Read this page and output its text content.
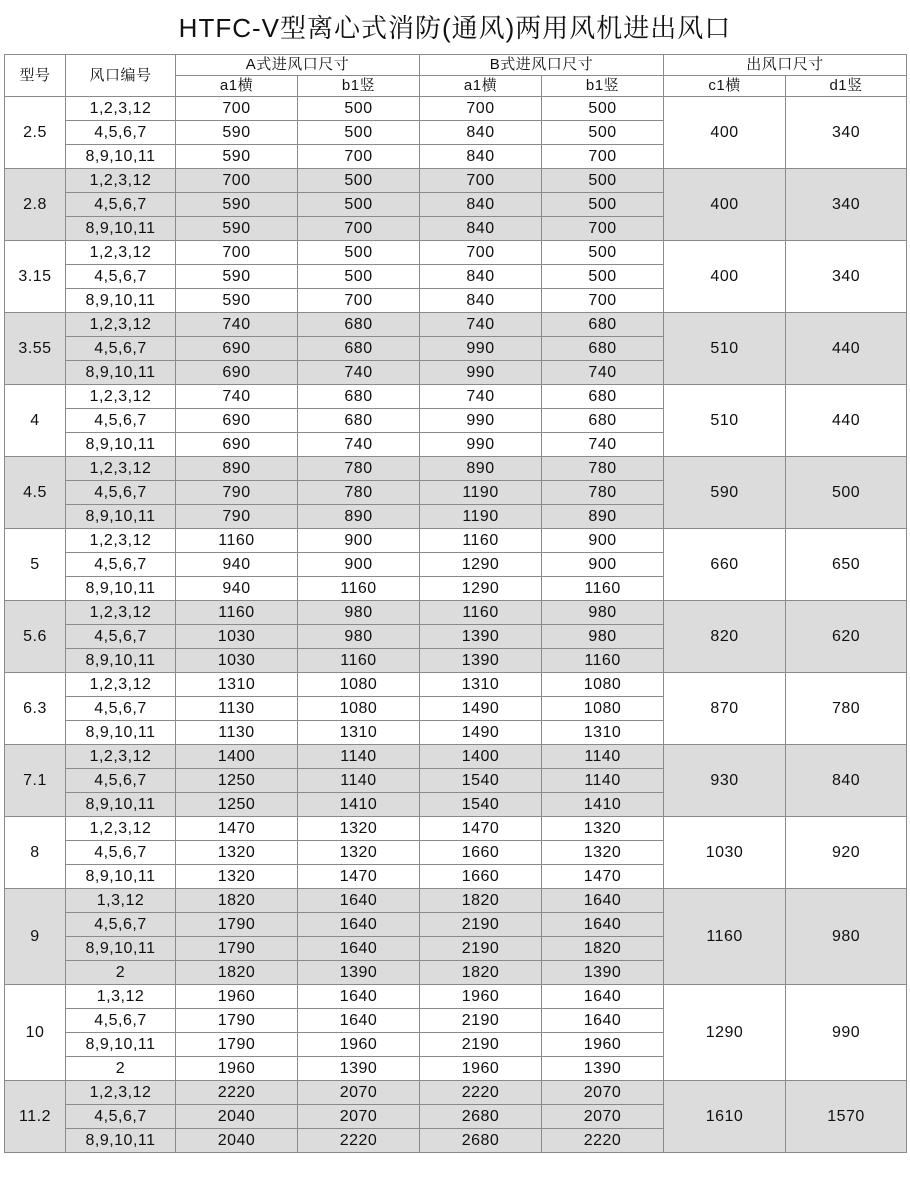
HTFC-V型离心式消防(通风)两用风机进出风口
型号	风口编号	A式进风口尺寸		B式进风口尺寸		出风口尺寸	
		a1横	b1竖	a1横	b1竖	c1横	d1竖
2.5	1,2,3,12	700	500	700	500	400	340
	4,5,6,7	590	500	840	500		
	8,9,10,11	590	700	840	700		
2.8	1,2,3,12	700	500	700	500	400	340
	4,5,6,7	590	500	840	500		
	8,9,10,11	590	700	840	700		
3.15	1,2,3,12	700	500	700	500	400	340
	4,5,6,7	590	500	840	500		
	8,9,10,11	590	700	840	700		
3.55	1,2,3,12	740	680	740	680	510	440
	4,5,6,7	690	680	990	680		
	8,9,10,11	690	740	990	740		
4	1,2,3,12	740	680	740	680	510	440
	4,5,6,7	690	680	990	680		
	8,9,10,11	690	740	990	740		
4.5	1,2,3,12	890	780	890	780	590	500
	4,5,6,7	790	780	1190	780		
	8,9,10,11	790	890	1190	890		
5	1,2,3,12	1160	900	1160	900	660	650
	4,5,6,7	940	900	1290	900		
	8,9,10,11	940	1160	1290	1160		
5.6	1,2,3,12	1160	980	1160	980	820	620
	4,5,6,7	1030	980	1390	980		
	8,9,10,11	1030	1160	1390	1160		
6.3	1,2,3,12	1310	1080	1310	1080	870	780
	4,5,6,7	1130	1080	1490	1080		
	8,9,10,11	1130	1310	1490	1310		
7.1	1,2,3,12	1400	1140	1400	1140	930	840
	4,5,6,7	1250	1140	1540	1140		
	8,9,10,11	1250	1410	1540	1410		
8	1,2,3,12	1470	1320	1470	1320	1030	920
	4,5,6,7	1320	1320	1660	1320		
	8,9,10,11	1320	1470	1660	1470		
9	1,3,12	1820	1640	1820	1640	1160	980
	4,5,6,7	1790	1640	2190	1640		
	8,9,10,11	1790	1640	2190	1820		
	2	1820	1390	1820	1390		
10	1,3,12	1960	1640	1960	1640	1290	990
	4,5,6,7	1790	1640	2190	1640		
	8,9,10,11	1790	1960	2190	1960		
	2	1960	1390	1960	1390		
11.2	1,2,3,12	2220	2070	2220	2070	1610	1570
	4,5,6,7	2040	2070	2680	2070		
	8,9,10,11	2040	2220	2680	2220		
